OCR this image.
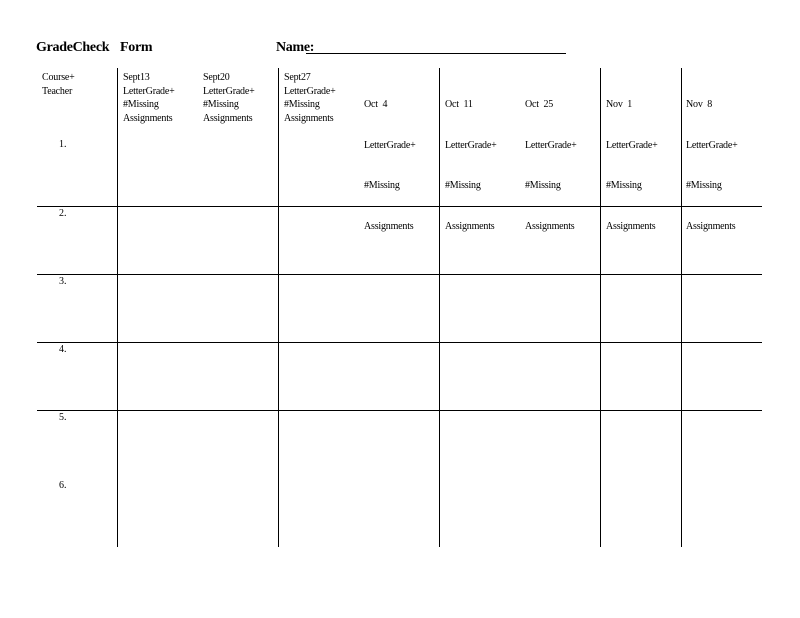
GradeCheck Form	Name:
Course+
Teacher
Sept13
LetterGrade+
#Missing
Assignments
Sept20
LetterGrade+
#Missing
Assignments
Sept27
LetterGrade+
#Missing
Assignments

Oct  4

LetterGrade+

#Missing

Assignments

Oct  11

LetterGrade+

#Missing

Assignments

Oct  25

LetterGrade+

#Missing

Assignments

Nov  1

LetterGrade+

#Missing

Assignments

Nov  8

LetterGrade+

#Missing

Assignments

1.
2.
3.
4.
5.
6.
